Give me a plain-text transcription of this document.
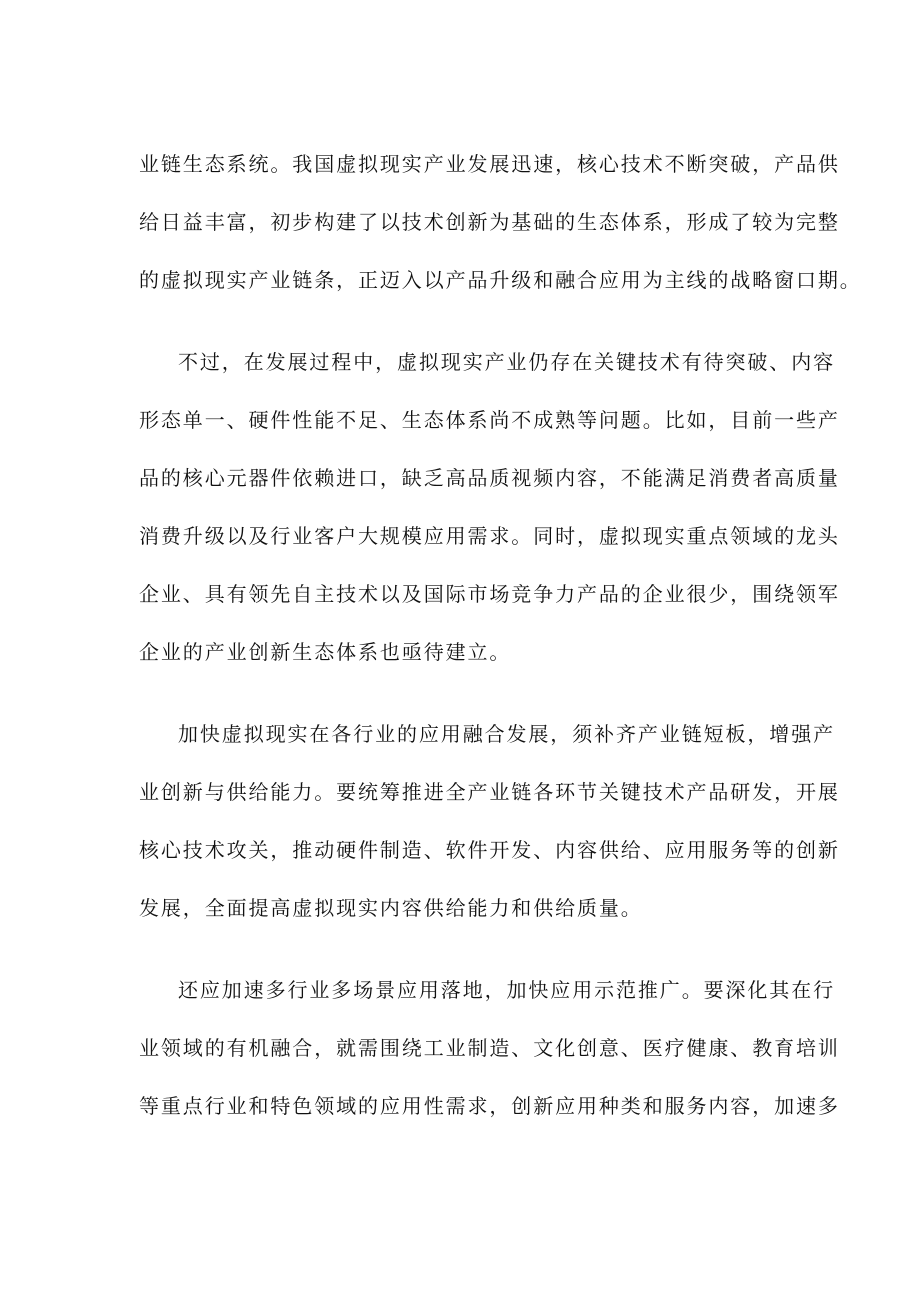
业链生态系统。我国虚拟现实产业发展迅速，核心技术不断突破，产品供
给日益丰富，初步构建了以技术创新为基础的生态体系，形成了较为完整
的虚拟现实产业链条，正迈入以产品升级和融合应用为主线的战略窗口期。
不过，在发展过程中，虚拟现实产业仍存在关键技术有待突破、内容
形态单一、硬件性能不足、生态体系尚不成熟等问题。比如，目前一些产
品的核心元器件依赖进口，缺乏高品质视频内容，不能满足消费者高质量
消费升级以及行业客户大规模应用需求。同时，虚拟现实重点领域的龙头
企业、具有领先自主技术以及国际市场竞争力产品的企业很少，围绕领军
企业的产业创新生态体系也亟待建立。
加快虚拟现实在各行业的应用融合发展，须补齐产业链短板，增强产
业创新与供给能力。要统筹推进全产业链各环节关键技术产品研发，开展
核心技术攻关，推动硬件制造、软件开发、内容供给、应用服务等的创新
发展，全面提高虚拟现实内容供给能力和供给质量。
还应加速多行业多场景应用落地，加快应用示范推广。要深化其在行
业领域的有机融合，就需围绕工业制造、文化创意、医疗健康、教育培训
等重点行业和特色领域的应用性需求，创新应用种类和服务内容，加速多
